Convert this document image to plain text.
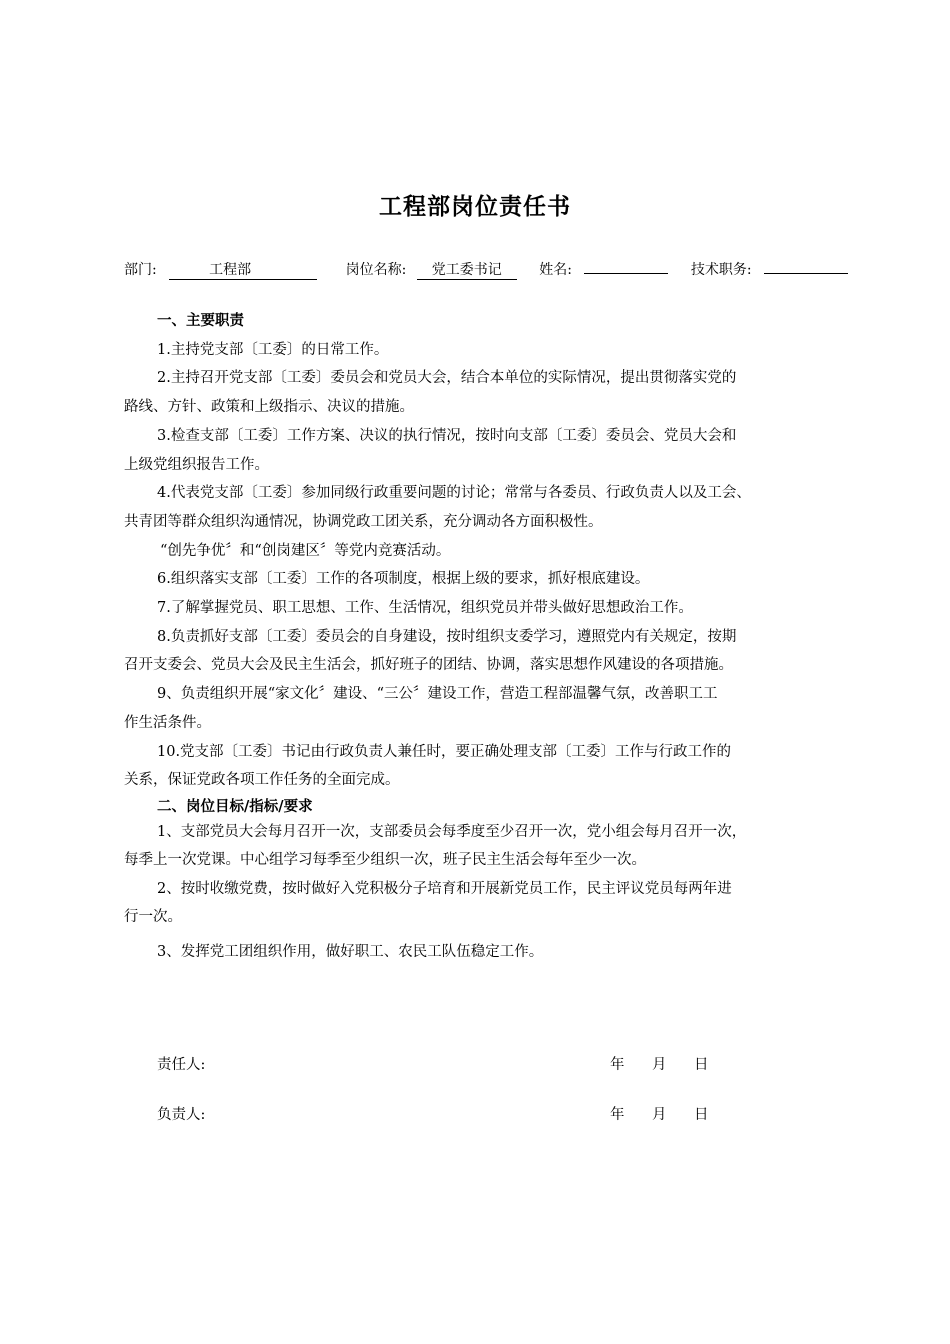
工程部岗位责任书
部门:	工程部	岗位名称: 党工委书记	姓名:	技术职务:
一、主要职责
1.主持党支部〔工委〕的日常工作。
2.主持召开党支部〔工委〕委员会和党员大会，结合本单位的实际情况，提出贯彻落实党的
路线、方针、政策和上级指示、决议的措施。
3.检查支部〔工委〕工作方案、决议的执行情况，按时向支部〔工委〕委员会、党员大会和
上级党组织报告工作。
4.代表党支部〔工委〕参加同级行政重要问题的讨论；常常与各委员、行政负责人以及工会、
共青团等群众组织沟通情况，协调党政工团关系，充分调动各方面积极性。
“创先争优〞和“创岗建区〞等党内竞赛活动。
6.组织落实支部〔工委〕工作的各项制度，根据上级的要求，抓好根底建设。
7.了解掌握党员、职工思想、工作、生活情况，组织党员并带头做好思想政治工作。
8.负责抓好支部〔工委〕委员会的自身建设，按时组织支委学习，遵照党内有关规定，按期
召开支委会、党员大会及民主生活会，抓好班子的团结、协调，落实思想作风建设的各项措施。
9、负责组织开展“家文化〞建设、“三公〞建设工作，营造工程部温馨气氛，改善职工工
作生活条件。
10.党支部〔工委〕书记由行政负责人兼任时，要正确处理支部〔工委〕工作与行政工作的
关系，保证党政各项工作任务的全面完成。
二、岗位目标/指标/要求
1、支部党员大会每月召开一次，支部委员会每季度至少召开一次，党小组会每月召开一次，
每季上一次党课。中心组学习每季至少组织一次，班子民主生活会每年至少一次。
2、按时收缴党费，按时做好入党积极分子培育和开展新党员工作，民主评议党员每两年进
行一次。
3、发挥党工团组织作用，做好职工、农民工队伍稳定工作。
责任人:	年 月 日
负责人:	年 月 日
